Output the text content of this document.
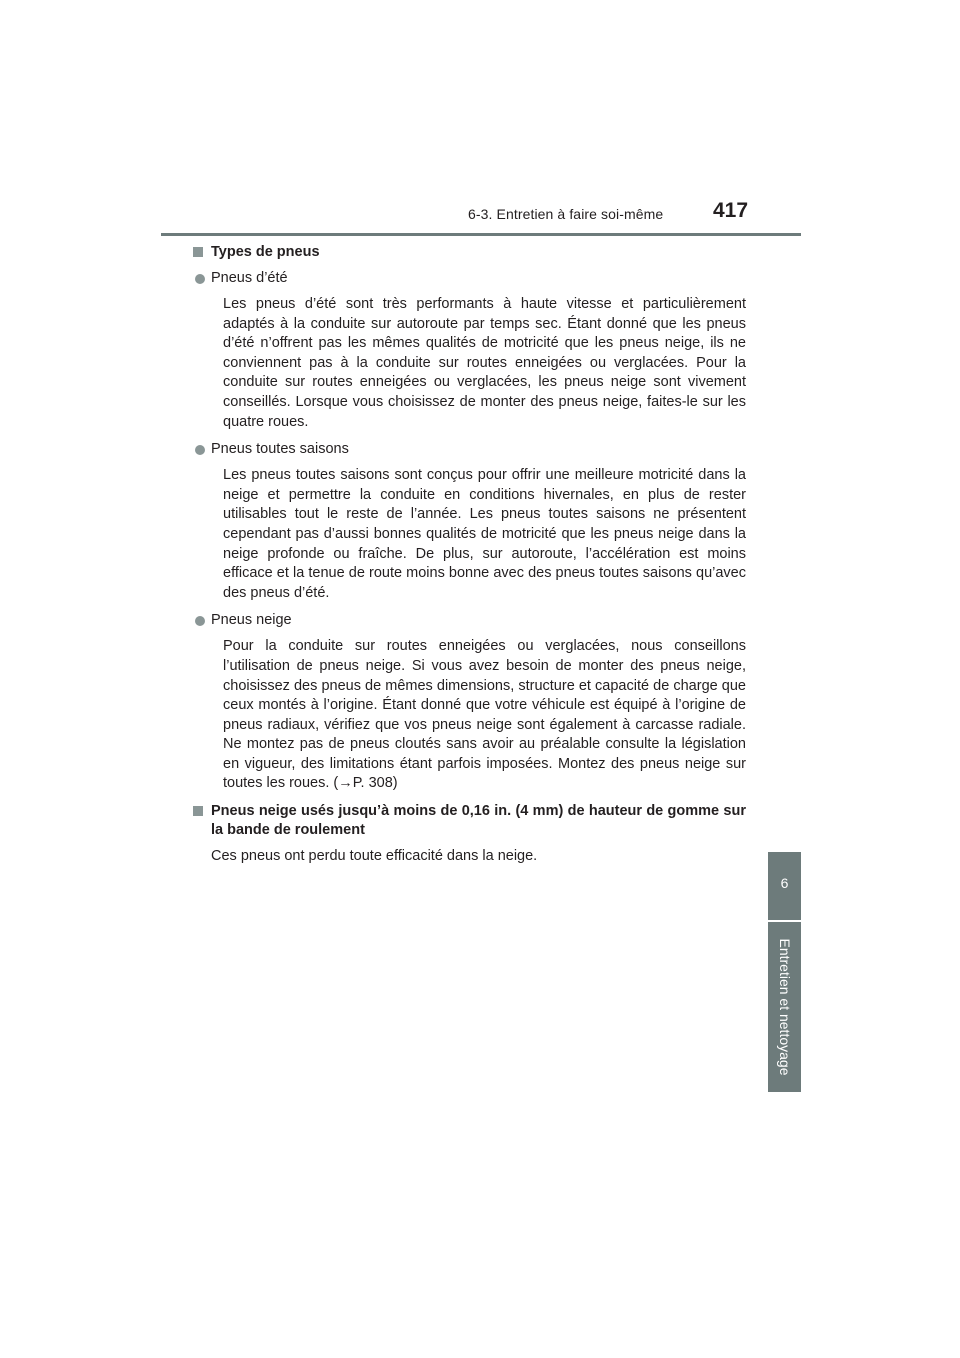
6-3. Entretien à faire soi-même 417
6
Entretien et nettoyage
Types de pneus
Pneus d’été
Les pneus d’été sont très performants à haute vitesse et particulièrement adaptés à la conduite sur autoroute par temps sec. Étant donné que les pneus d’été n’offrent pas les mêmes qualités de motricité que les pneus neige, ils ne conviennent pas à la conduite sur routes enneigées ou verglacées. Pour la conduite sur routes enneigées ou verglacées, les pneus neige sont vivement conseillés. Lorsque vous choisissez de monter des pneus neige, faites-le sur les quatre roues.
Pneus toutes saisons
Les pneus toutes saisons sont conçus pour offrir une meilleure motricité dans la neige et permettre la conduite en conditions hivernales, en plus de rester utilisables tout le reste de l’année. Les pneus toutes saisons ne présentent cependant pas d’aussi bonnes qualités de motricité que les pneus neige dans la neige profonde ou fraîche. De plus, sur autoroute, l’accélération est moins efficace et la tenue de route moins bonne avec des pneus toutes saisons qu’avec des pneus d’été.
Pneus neige
Pour la conduite sur routes enneigées ou verglacées, nous conseillons l’utilisation de pneus neige. Si vous avez besoin de monter des pneus neige, choisissez des pneus de mêmes dimensions, structure et capacité de charge que ceux montés à l’origine. Étant donné que votre véhicule est équipé à l’origine de pneus radiaux, vérifiez que vos pneus neige sont également à carcasse radiale. Ne montez pas de pneus cloutés sans avoir au préalable consulte la législation en vigueur, des limitations étant parfois imposées. Montez des pneus neige sur toutes les roues. (→P. 308)
Pneus neige usés jusqu’à moins de 0,16 in. (4 mm) de hauteur de gomme sur la bande de roulement
Ces pneus ont perdu toute efficacité dans la neige.
